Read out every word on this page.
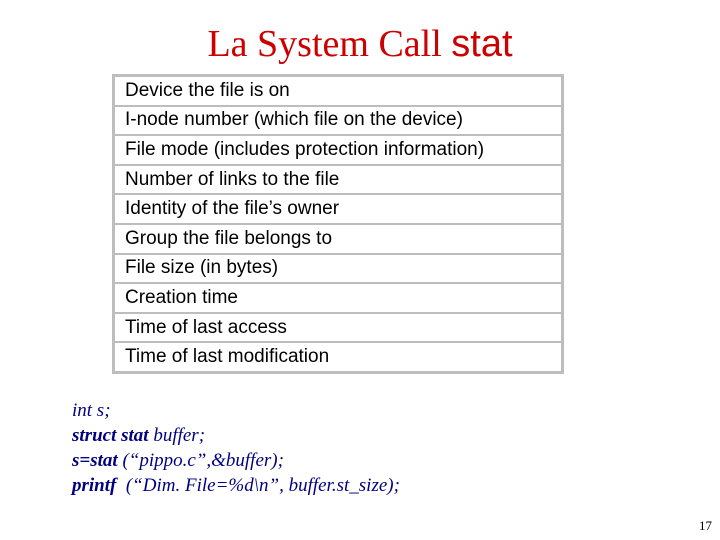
La System Call stat
Device the file is on
I-node number (which file on the device)
File mode (includes protection information)
Number of links to the file
Identity of the file’s owner
Group the file belongs to
File size (in bytes)
Creation time
Time of last access
Time of last modification
int s;
struct stat buffer;
s=stat (“pippo.c”,&buffer);
printf  (“Dim. File=%d\n”, buffer.st_size);
17
